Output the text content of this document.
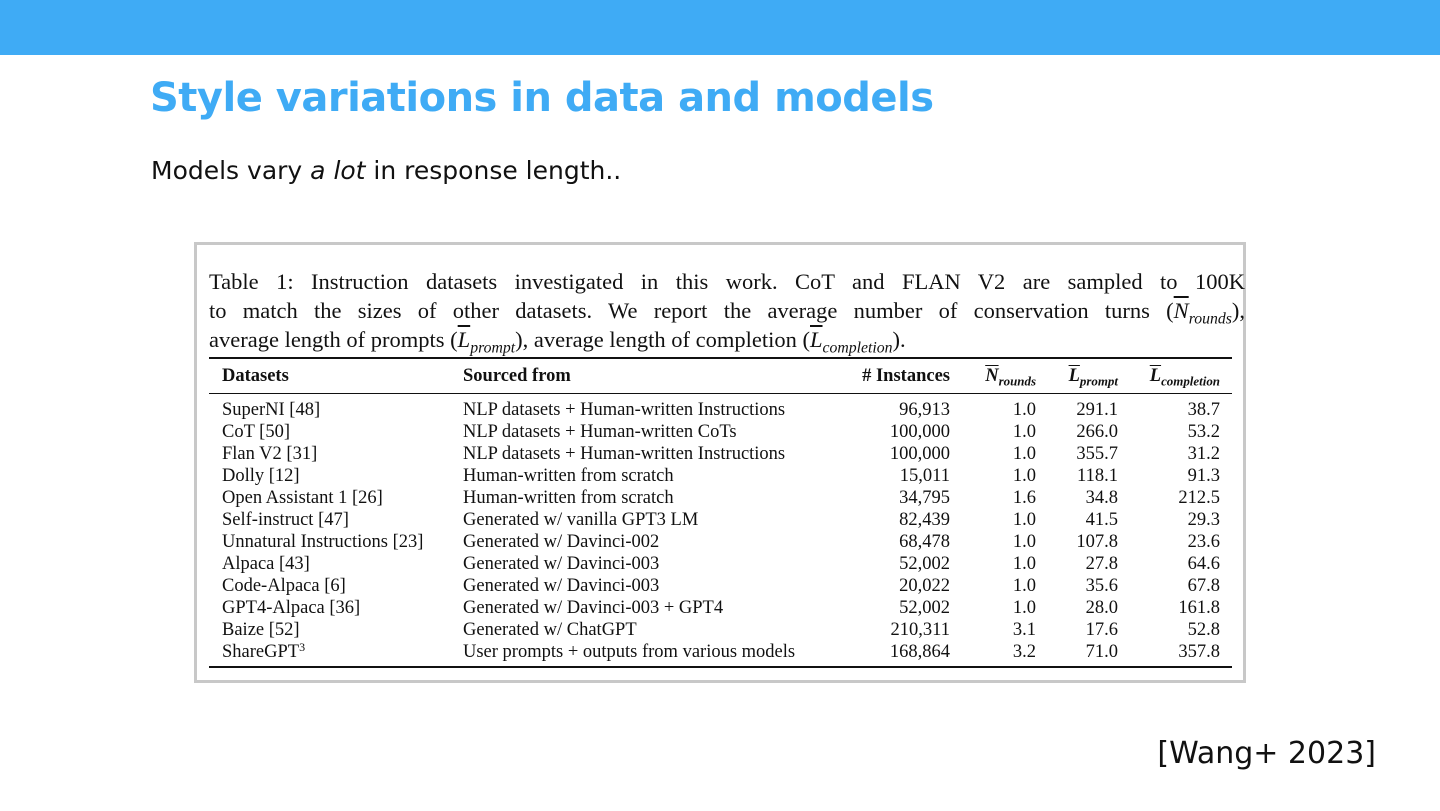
Style variations in data and models

Models vary a lot in response length..

Table 1: Instruction datasets investigated in this work. CoT and FLAN V2 are sampled to 100K
to match the sizes of other datasets. We report the average number of conservation turns $(\overline{N}_{rounds})$,
average length of prompts $(\overline{L}_{prompt})$, average length of completion $(\overline{L}_{completion})$.
Datasets	Sourced from	# Instances	$\overline{N}_{rounds}$	$\overline{L}_{prompt}$	$\overline{L}_{completion}$
SuperNI [48]	NLP datasets + Human-written Instructions	96,913	1.0	291.1	38.7
CoT [50]	NLP datasets + Human-written CoTs	100,000	1.0	266.0	53.2
Flan V2 [31]	NLP datasets + Human-written Instructions	100,000	1.0	355.7	31.2
Dolly [12]	Human-written from scratch	15,011	1.0	118.1	91.3
Open Assistant 1 [26]	Human-written from scratch	34,795	1.6	34.8	212.5
Self-instruct [47]	Generated w/ vanilla GPT3 LM	82,439	1.0	41.5	29.3
Unnatural Instructions [23]	Generated w/ Davinci-002	68,478	1.0	107.8	23.6
Alpaca [43]	Generated w/ Davinci-003	52,002	1.0	27.8	64.6
Code-Alpaca [6]	Generated w/ Davinci-003	20,022	1.0	35.6	67.8
GPT4-Alpaca [36]	Generated w/ Davinci-003 + GPT4	52,002	1.0	28.0	161.8
Baize [52]	Generated w/ ChatGPT	210,311	3.1	17.6	52.8
ShareGPT$^3$	User prompts + outputs from various models	168,864	3.2	71.0	357.8

[Wang+ 2023]
